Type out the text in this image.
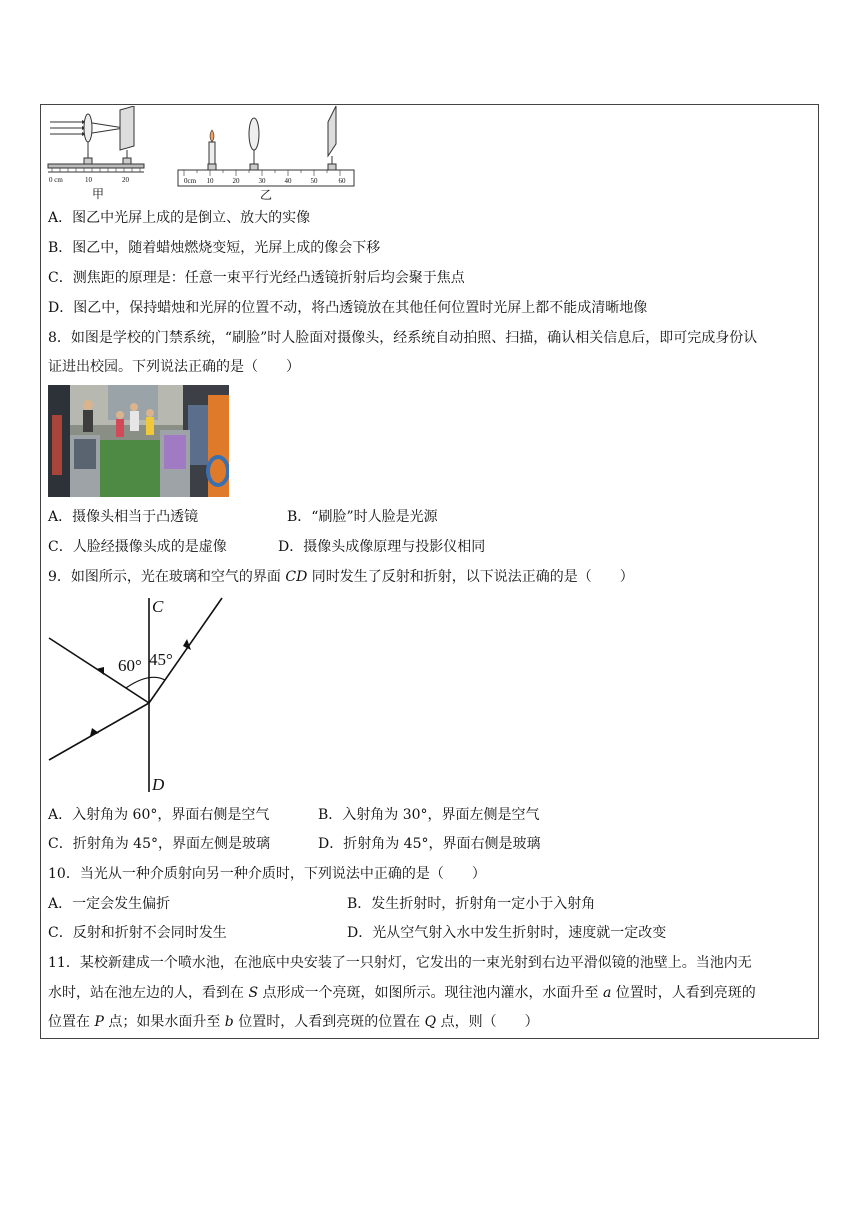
0 cm	10	20
甲
0cm 10	20	30	40	50	60
乙
A．图乙中光屏上成的是倒立、放大的实像
B．图乙中，随着蜡烛燃烧变短，光屏上成的像会下移
C．测焦距的原理是：任意一束平行光经凸透镜折射后均会聚于焦点
D．图乙中，保持蜡烛和光屏的位置不动，将凸透镜放在其他任何位置时光屏上都不能成清晰地像
8．如图是学校的门禁系统，“刷脸”时人脸面对摄像头，经系统自动拍照、扫描，确认相关信息后，即可完成身份认
证进出校园。下列说法正确的是（　　）
A．摄像头相当于凸透镜	B．“刷脸”时人脸是光源
C．人脸经摄像头成的是虚像	D．摄像头成像原理与投影仪相同
9．如图所示，光在玻璃和空气的界面 CD 同时发生了反射和折射，以下说法正确的是（　　）
C
D
60° 45°
A．入射角为 60°，界面右侧是空气	B．入射角为 30°，界面左侧是空气
C．折射角为 45°，界面左侧是玻璃	D．折射角为 45°，界面右侧是玻璃
10．当光从一种介质射向另一种介质时，下列说法中正确的是（　　）
A．一定会发生偏折	B．发生折射时，折射角一定小于入射角
C．反射和折射不会同时发生	D．光从空气射入水中发生折射时，速度就一定改变
11．某校新建成一个喷水池，在池底中央安装了一只射灯，它发出的一束光射到右边平滑似镜的池壁上。当池内无
水时，站在池左边的人，看到在 S 点形成一个亮斑，如图所示。现往池内灌水，水面升至 a 位置时，人看到亮斑的
位置在 P 点；如果水面升至 b 位置时，人看到亮斑的位置在 Q 点，则（　　）
